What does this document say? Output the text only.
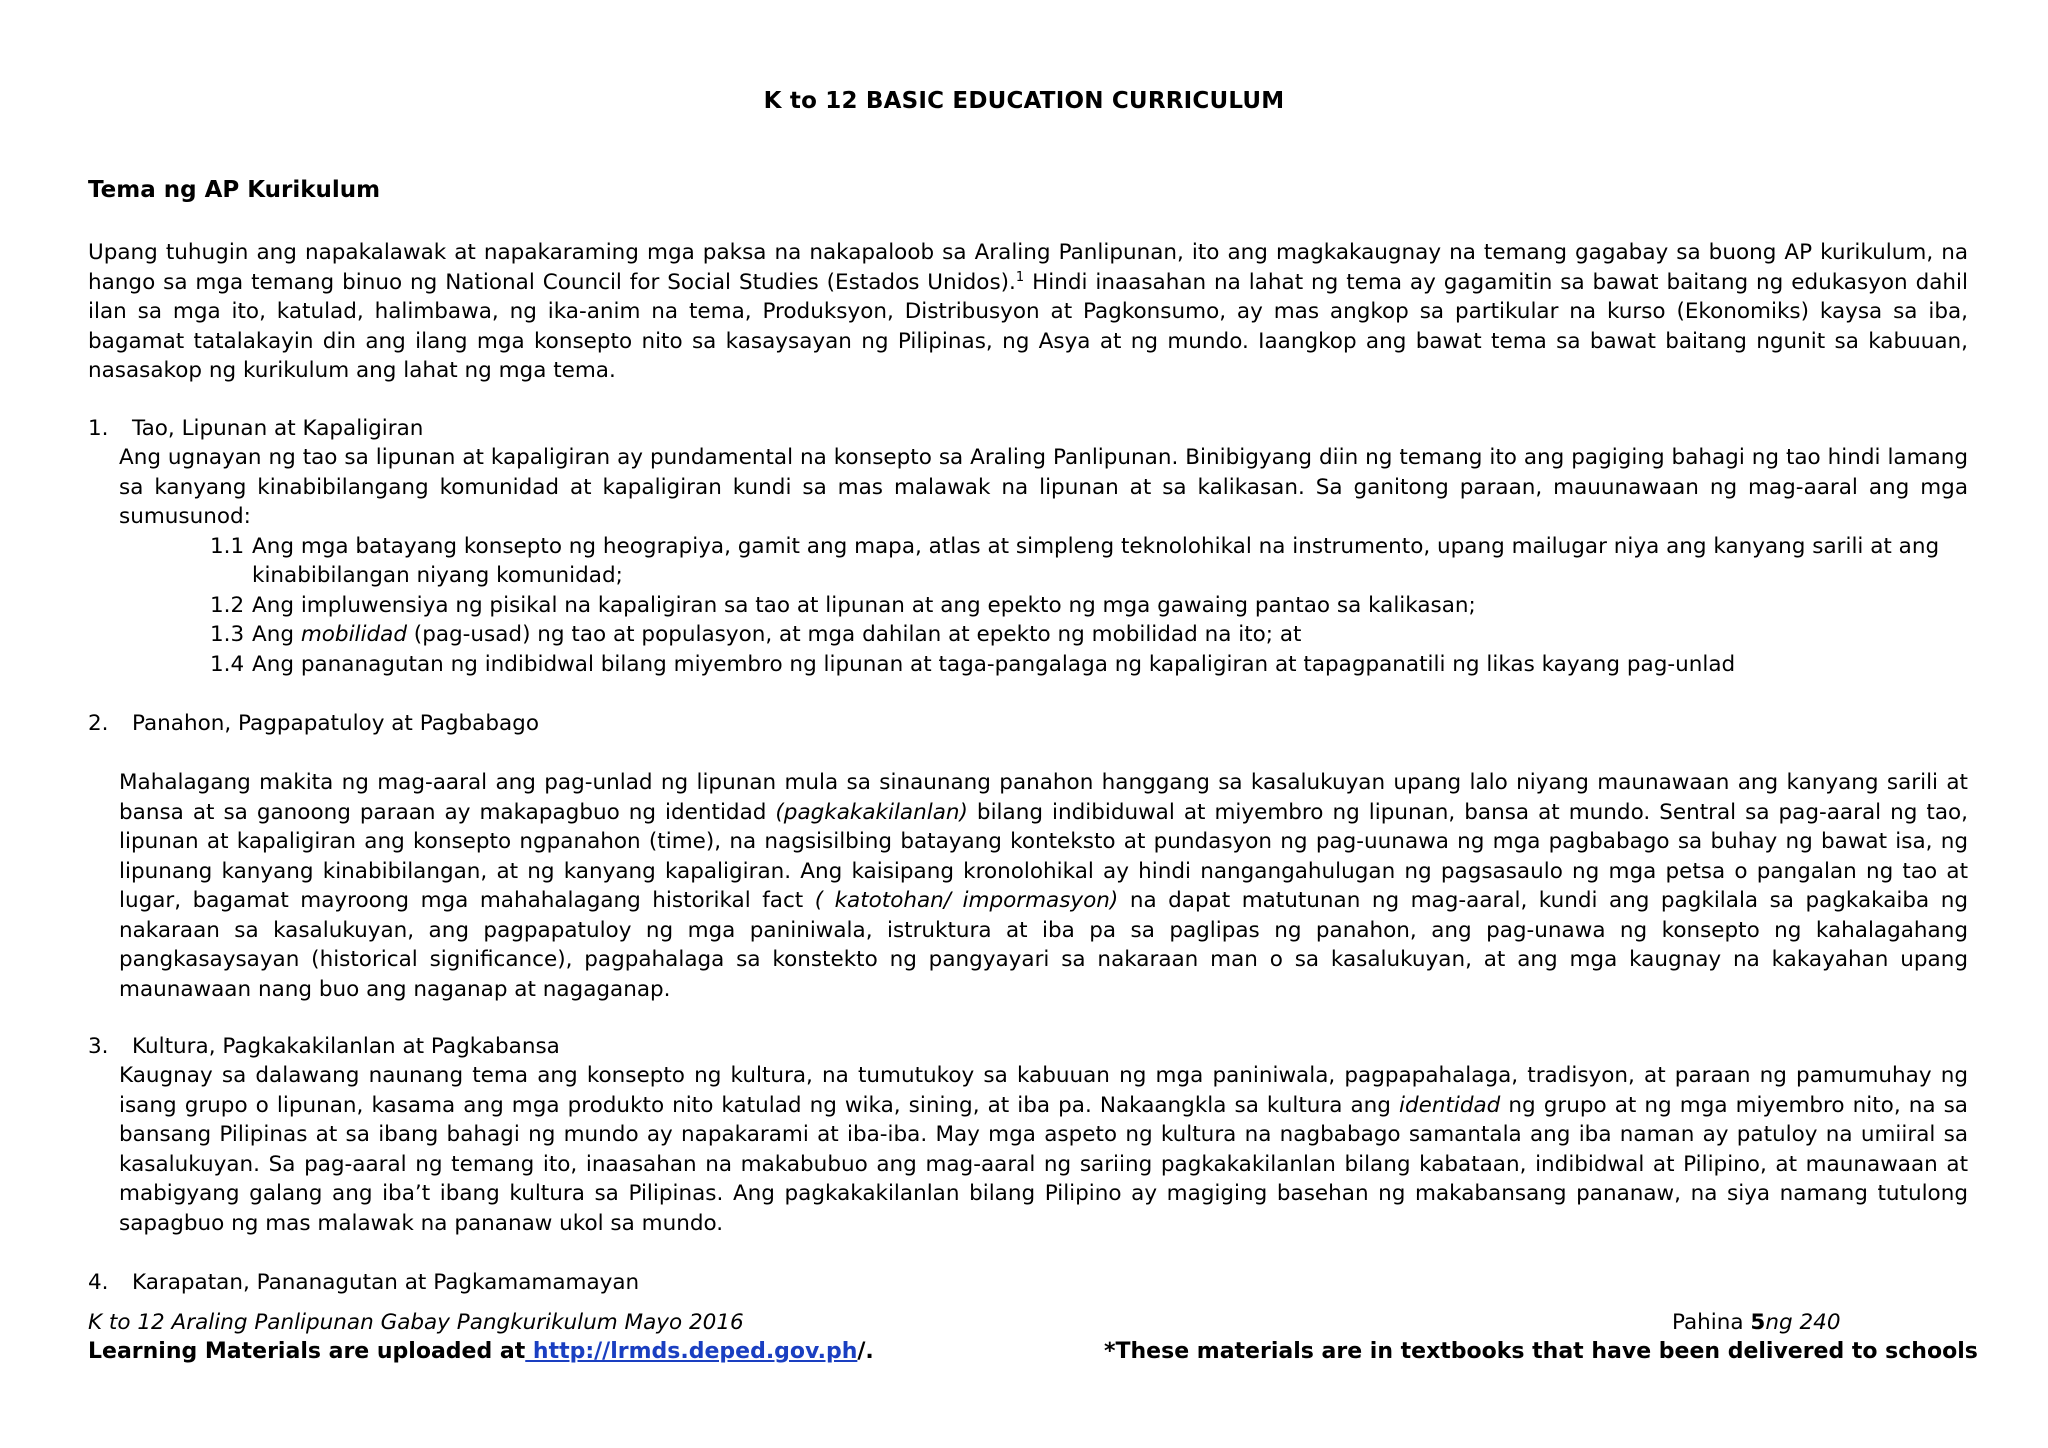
K to 12 BASIC EDUCATION CURRICULUM
Tema ng AP Kurikulum
Upang tuhugin ang napakalawak at napakaraming mga paksa na nakapaloob sa Araling Panlipunan, ito ang magkakaugnay na temang gagabay sa buong AP kurikulum, na hango sa mga temang binuo ng National Council for Social Studies (Estados Unidos).$^1$ Hindi inaasahan na lahat ng tema ay gagamitin sa bawat baitang ng edukasyon dahil ilan sa mga ito, katulad, halimbawa, ng ika-anim na tema, Produksyon, Distribusyon at Pagkonsumo, ay mas angkop sa partikular na kurso (Ekonomiks) kaysa sa iba, bagamat tatalakayin din ang ilang mga konsepto nito sa kasaysayan ng Pilipinas, ng Asya at ng mundo. Iaangkop ang bawat tema sa bawat baitang ngunit sa kabuuan, nasasakop ng kurikulum ang lahat ng mga tema.
1. Tao, Lipunan at Kapaligiran
Ang ugnayan ng tao sa lipunan at kapaligiran ay pundamental na konsepto sa Araling Panlipunan. Binibigyang diin ng temang ito ang pagiging bahagi ng tao hindi lamang sa kanyang kinabibilangang komunidad at kapaligiran kundi sa mas malawak na lipunan at sa kalikasan. Sa ganitong paraan, mauunawaan ng mag-aaral ang mga sumusunod:
1.1 Ang mga batayang konsepto ng heograpiya, gamit ang mapa, atlas at simpleng teknolohikal na instrumento, upang mailugar niya ang kanyang sarili at ang
kinabibilangan niyang komunidad;
1.2 Ang impluwensiya ng pisikal na kapaligiran sa tao at lipunan at ang epekto ng mga gawaing pantao sa kalikasan;
1.3 Ang mobilidad (pag-usad) ng tao at populasyon, at mga dahilan at epekto ng mobilidad na ito; at
1.4 Ang pananagutan ng indibidwal bilang miyembro ng lipunan at taga-pangalaga ng kapaligiran at tapagpanatili ng likas kayang pag-unlad
2. Panahon, Pagpapatuloy at Pagbabago
Mahalagang makita ng mag-aaral ang pag-unlad ng lipunan mula sa sinaunang panahon hanggang sa kasalukuyan upang lalo niyang maunawaan ang kanyang sarili at bansa at sa ganoong paraan ay makapagbuo ng identidad (pagkakakilanlan) bilang indibiduwal at miyembro ng lipunan, bansa at mundo. Sentral sa pag-aaral ng tao, lipunan at kapaligiran ang konsepto ngpanahon (time), na nagsisilbing batayang konteksto at pundasyon ng pag-uunawa ng mga pagbabago sa buhay ng bawat isa, ng lipunang kanyang kinabibilangan, at ng kanyang kapaligiran. Ang kaisipang kronolohikal ay hindi nangangahulugan ng pagsasaulo ng mga petsa o pangalan ng tao at lugar, bagamat mayroong mga mahahalagang historikal fact ( katotohan/ impormasyon) na dapat matutunan ng mag-aaral, kundi ang pagkilala sa pagkakaiba ng nakaraan sa kasalukuyan, ang pagpapatuloy ng mga paniniwala, istruktura at iba pa sa paglipas ng panahon, ang pag-unawa ng konsepto ng kahalagahang pangkasaysayan (historical significance), pagpahalaga sa konstekto ng pangyayari sa nakaraan man o sa kasalukuyan, at ang mga kaugnay na kakayahan upang maunawaan nang buo ang naganap at nagaganap.
3. Kultura, Pagkakakilanlan at Pagkabansa
Kaugnay sa dalawang naunang tema ang konsepto ng kultura, na tumutukoy sa kabuuan ng mga paniniwala, pagpapahalaga, tradisyon, at paraan ng pamumuhay ng isang grupo o lipunan, kasama ang mga produkto nito katulad ng wika, sining, at iba pa. Nakaangkla sa kultura ang identidad ng grupo at ng mga miyembro nito, na sa bansang Pilipinas at sa ibang bahagi ng mundo ay napakarami at iba-iba. May mga aspeto ng kultura na nagbabago samantala ang iba naman ay patuloy na umiiral sa kasalukuyan. Sa pag-aaral ng temang ito, inaasahan na makabubuo ang mag-aaral ng sariing pagkakakilanlan bilang kabataan, indibidwal at Pilipino, at maunawaan at mabigyang galang ang iba’t ibang kultura sa Pilipinas. Ang pagkakakilanlan bilang Pilipino ay magiging basehan ng makabansang pananaw, na siya namang tutulong sapagbuo ng mas malawak na pananaw ukol sa mundo.
4. Karapatan, Pananagutan at Pagkamamamayan
K to 12 Araling Panlipunan Gabay Pangkurikulum Mayo 2016	Pahina 5ng 240
Learning Materials are uploaded at http://lrmds.deped.gov.ph/.	*These materials are in textbooks that have been delivered to schools
